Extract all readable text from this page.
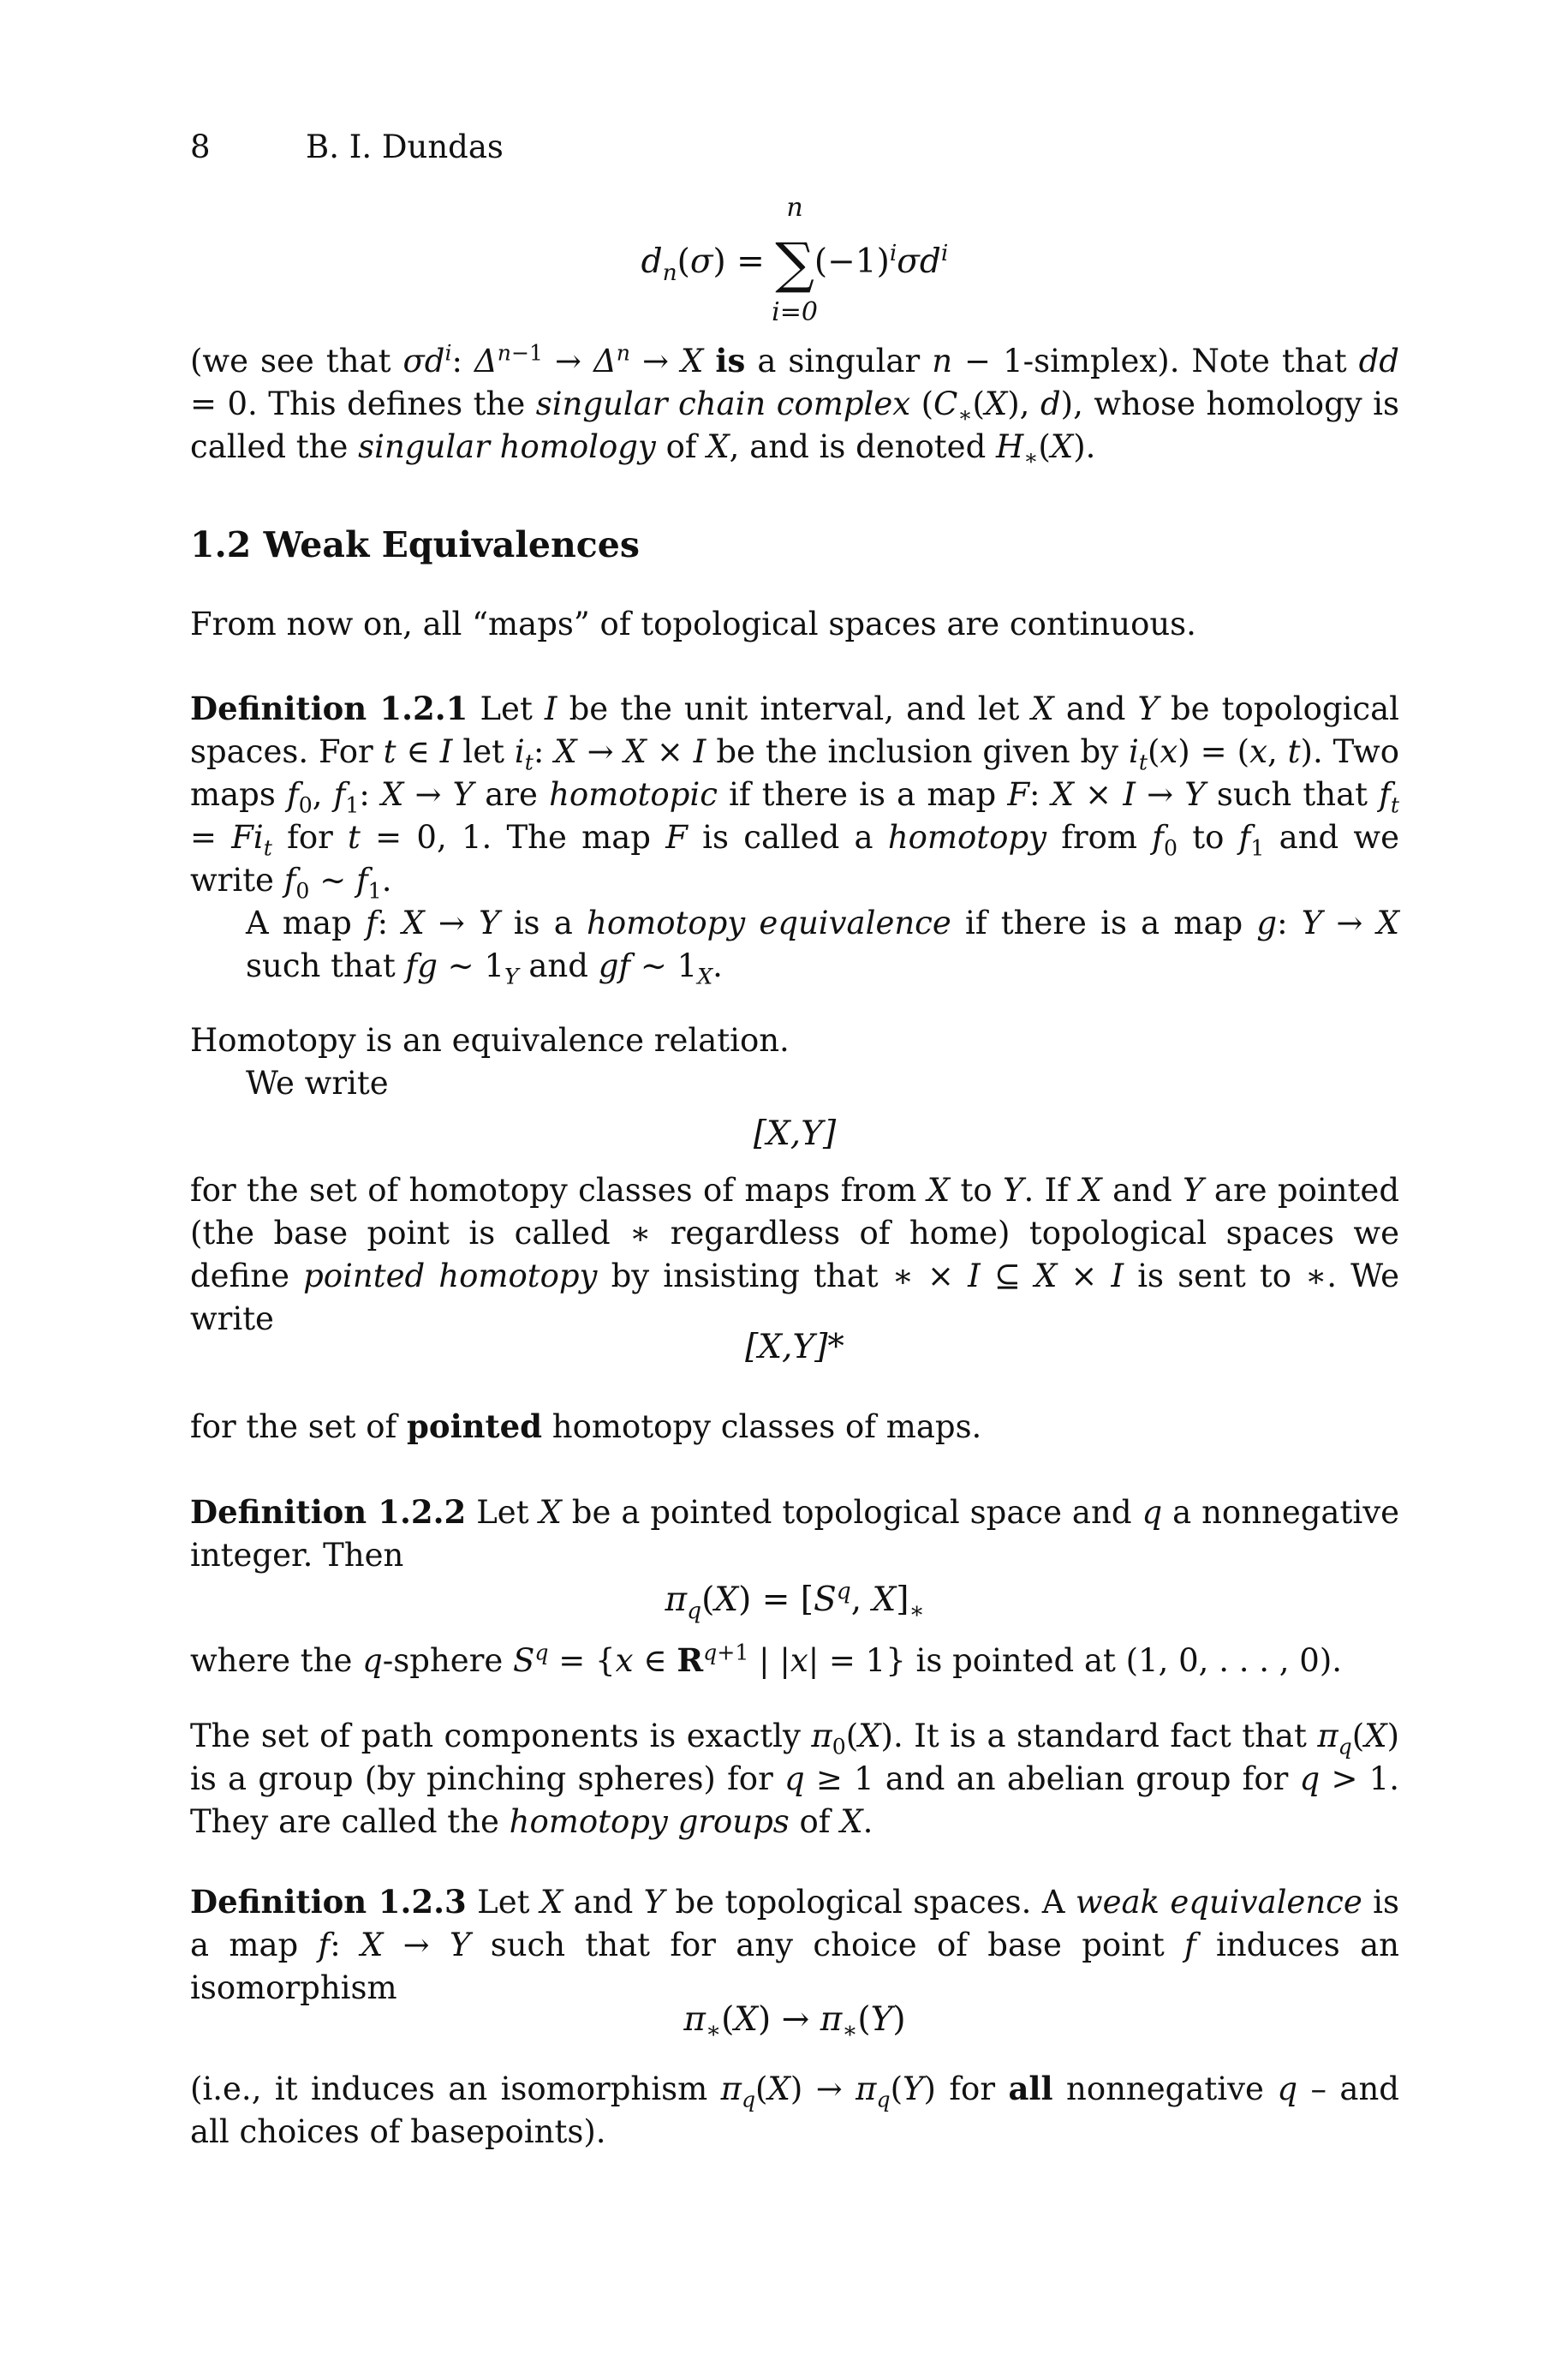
8	B. I. Dundas
$d_n(\sigma)$ = ∑
n
i=0
$(-1)^i\sigma d^i$
(we see that $\sigma d^i$: $\Delta^{n-1} \to \Delta^n \to X$ is a singular n − 1-simplex). Note that dd = 0. This defines the singular chain complex ($C_∗(X)$, d), whose homology is called the singular homology of X, and is denoted $H_∗(X)$.
1.2 Weak Equivalences
From now on, all “maps” of topological spaces are continuous.
Definition 1.2.1 Let I be the unit interval, and let X and Y be topological spaces. For t ∈ I let $i_t$: X → X × I be the inclusion given by $i_t(x) = (x$, t). Two maps $f_0$, $f_1$: X → Y are homotopic if there is a map F: X × I → Y such that $f_t = Fi_t$ for t = 0, 1. The map F is called a homotopy from $f_0$ to $f_1$ and we write $f_0$ ∼ $f_1$.
A map f: X → Y is a homotopy equivalence if there is a map g: Y → X such that fg ∼ $1_Y$ and gf ∼ $1_X$.
Homotopy is an equivalence relation.
We write
[X,Y]
for the set of homotopy classes of maps from X to Y. If X and Y are pointed (the base point is called ∗ regardless of home) topological spaces we define pointed homotopy by insisting that ∗ × I ⊆ X × I is sent to ∗. We write
[X,Y]*
for the set of pointed homotopy classes of maps.
Definition 1.2.2 Let X be a pointed topological space and q a nonnegative integer. Then
$\pi_q(X) = [S^q$, $X]_∗$
where the q-sphere $S^q = \{x$ ∈ $R^{q+1}$ | |x| = 1} is pointed at (1, 0, . . . , 0).
The set of path components is exactly $\pi_0(X)$. It is a standard fact that $\pi_q(X)$ is a group (by pinching spheres) for q ≥ 1 and an abelian group for q > 1. They are called the homotopy groups of X.
Definition 1.2.3 Let X and Y be topological spaces. A weak equivalence is a map f: X → Y such that for any choice of base point f induces an isomorphism
$\pi_∗(X) \to \pi_∗(Y)$
(i.e., it induces an isomorphism $\pi_q(X) \to \pi_q(Y)$ for all nonnegative q – and all choices of basepoints).
